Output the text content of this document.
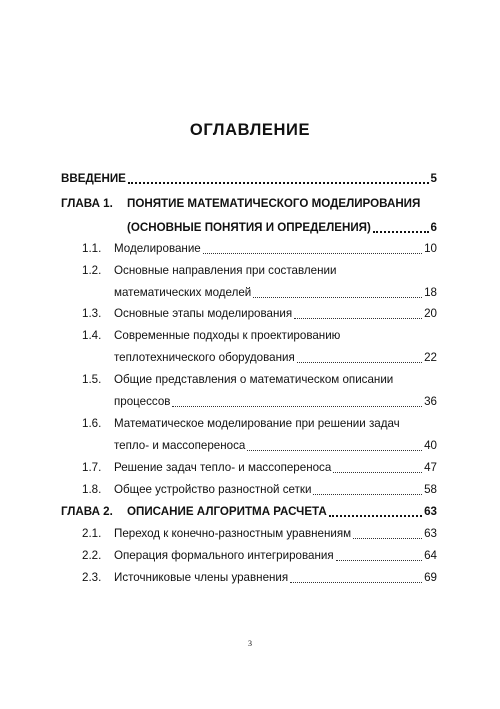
ОГЛАВЛЕНИЕ
ВВЕДЕНИЕ	5
ГЛАВА 1. ПОНЯТИЕ МАТЕМАТИЧЕСКОГО МОДЕЛИРОВАНИЯ
(ОСНОВНЫЕ ПОНЯТИЯ И ОПРЕДЕЛЕНИЯ)	6
1.1. Моделирование	10
1.2. Основные направления при составлении
математических моделей	18
1.3. Основные этапы моделирования	20
1.4. Современные подходы к проектированию
теплотехнического оборудования	22
1.5. Общие представления о математическом описании
процессов	36
1.6. Математическое моделирование при решении задач
тепло- и массопереноса	40
1.7. Решение задач тепло- и массопереноса	47
1.8. Общее устройство разностной сетки	58
ГЛАВА 2. ОПИСАНИЕ АЛГОРИТМА РАСЧЕТА	63
2.1. Переход к конечно-разностным уравнениям	63
2.2. Операция формального интегрирования	64
2.3. Источниковые члены уравнения	69
3
